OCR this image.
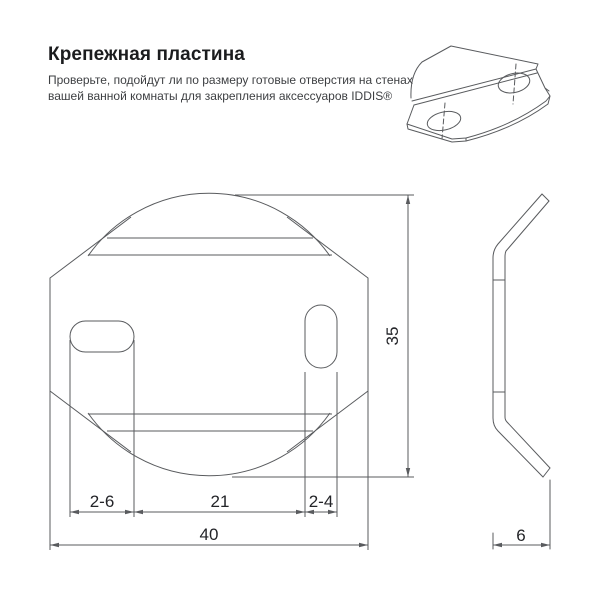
Крепежная пластина
Проверьте, подойдут ли по размеру готовые отверстия на стенах
вашей ванной комнаты для закрепления аксессуаров IDDIS®
2-6	21	2-4
40
35
6
